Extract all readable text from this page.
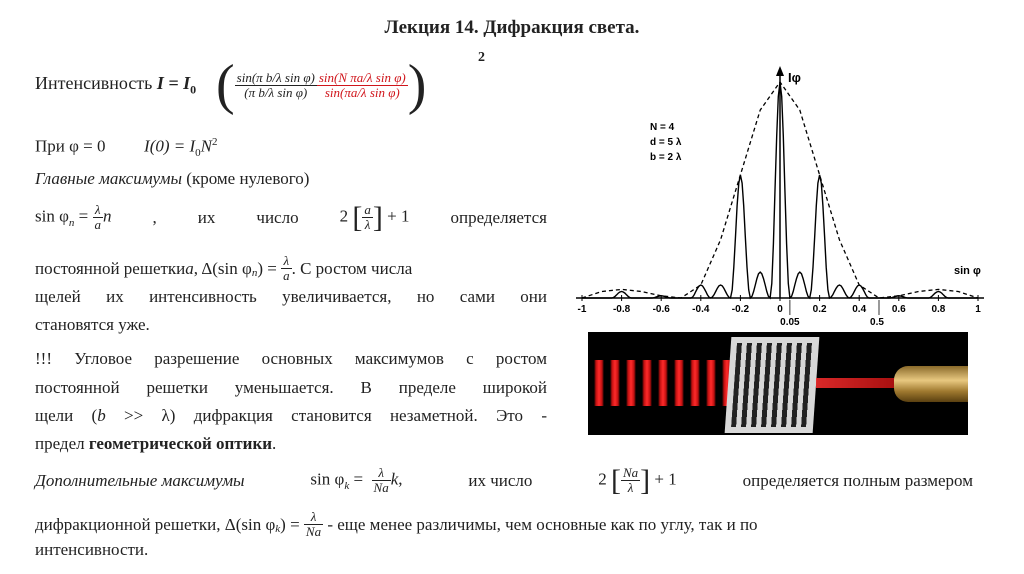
Лекция 14. Дифракция света.
Интенсивность $I = I_0$ ( $\frac{\text{sin(π b/λ sin φ)}}{\text{(π b/λ sin φ)}} \frac{\text{sin(N πa/λ sin φ)}}{\text{sin(πa/λ sin φ)}}$ )	2
При φ = 0 $I(0) = I_0N^2$
Главные максимумы (кроме нулевого)
$\sin \varphi_n = \frac{\lambda}{a}$ n , их число 2 [ $\frac{a}{\lambda}$ ] + 1 определяется
постоянной решетки a , Δ(sin $\varphi_n$ ) = $\frac{\lambda}{a}$ . С ростом числа
щелей их интенсивность увеличивается, но сами они
становятся уже.
!!! Угловое разрешение основных максимумов с ростом
постоянной решетки уменьшается. В пределе широкой
щели (b >> λ) дифракция становится незаметной. Это -
предел геометрической оптики.
Дополнительные максимумы	$\sin \varphi_k = \frac{\lambda}{Na} k$,	их число	2 [ $\frac{Na}{\lambda}$ ] + 1	определяется полным размером
дифракционной решетки, Δ(sin $\varphi_k$ ) = $\frac{\lambda}{Na}$ - еще менее различимы, чем основные как по углу, так и по
интенсивности.
Iφ
sin φ
N = 4
d = 5 λ
b = 2 λ
-1	-0.8 -0.6 -0.4 -0.2	0	0.2	0.4	0.6	0.8	1
0.05	0.5
